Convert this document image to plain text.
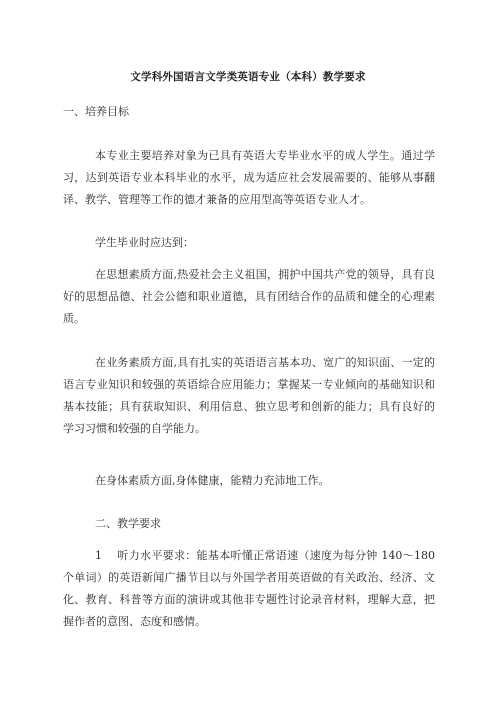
文学科外国语言文学类英语专业（本科）教学要求
一、培养目标

本专业主要培养对象为已具有英语大专毕业水平的成人学生。通过学习，达到英语专业本科毕业的水平，成为适应社会发展需要的、能够从事翻译、教学、管理等工作的德才兼备的应用型高等英语专业人才。

学生毕业时应达到：

在思想素质方面,热爱社会主义祖国，拥护中国共产党的领导，具有良好的思想品德、社会公德和职业道德，具有团结合作的品质和健全的心理素质。

在业务素质方面,具有扎实的英语语言基本功、宽广的知识面、一定的语言专业知识和较强的英语综合应用能力；掌握某一专业倾向的基础知识和基本技能；具有获取知识、利用信息、独立思考和创新的能力；具有良好的学习习惯和较强的自学能力。

在身体素质方面,身体健康，能精力充沛地工作。

二、教学要求

1　 听力水平要求：能基本听懂正常语速（速度为每分钟 140～180 个单词）的英语新闻广播节目以与外国学者用英语做的有关政治、经济、文化、教育、科普等方面的演讲或其他非专题性讨论录音材料，理解大意，把握作者的意图、态度和感情。
